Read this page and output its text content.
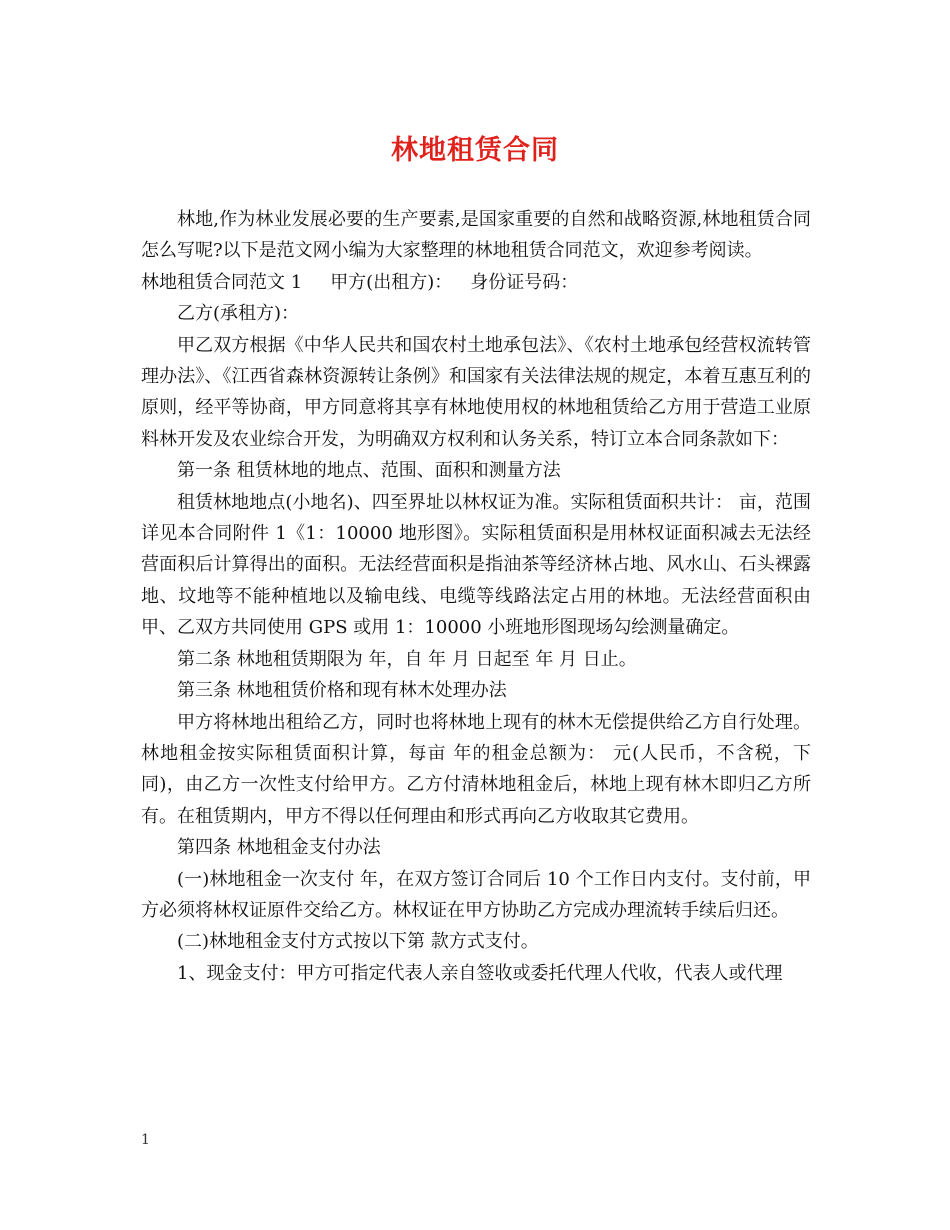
林地租赁合同

林地,作为林业发展必要的生产要素,是国家重要的自然和战略资源,林地租赁合同怎么写呢?以下是范文网小编为大家整理的林地租赁合同范文，欢迎参考阅读。

林地租赁合同范文 1 甲方(出租方)： 身份证号码：

乙方(承租方)：

甲乙双方根据《中华人民共和国农村土地承包法》、《农村土地承包经营权流转管理办法》、《江西省森林资源转让条例》和国家有关法律法规的规定，本着互惠互利的原则，经平等协商，甲方同意将其享有林地使用权的林地租赁给乙方用于营造工业原料林开发及农业综合开发，为明确双方权利和认务关系，特订立本合同条款如下：

第一条 租赁林地的地点、范围、面积和测量方法

租赁林地地点(小地名)、四至界址以林权证为准。实际租赁面积共计： 亩，范围详见本合同附件 1《1：10000 地形图》。实际租赁面积是用林权证面积减去无法经营面积后计算得出的面积。无法经营面积是指油茶等经济林占地、风水山、石头裸露地、坟地等不能种植地以及输电线、电缆等线路法定占用的林地。无法经营面积由甲、乙双方共同使用 GPS 或用 1：10000 小班地形图现场勾绘测量确定。

第二条 林地租赁期限为 年，自 年 月 日起至 年 月 日止。

第三条 林地租赁价格和现有林木处理办法

甲方将林地出租给乙方，同时也将林地上现有的林木无偿提供给乙方自行处理。林地租金按实际租赁面积计算，每亩 年的租金总额为： 元(人民币，不含税，下同)，由乙方一次性支付给甲方。乙方付清林地租金后，林地上现有林木即归乙方所有。在租赁期内，甲方不得以任何理由和形式再向乙方收取其它费用。

第四条 林地租金支付办法

(一)林地租金一次支付 年，在双方签订合同后 10 个工作日内支付。支付前，甲方必须将林权证原件交给乙方。林权证在甲方协助乙方完成办理流转手续后归还。

(二)林地租金支付方式按以下第 款方式支付。

1、现金支付：甲方可指定代表人亲自签收或委托代理人代收，代表人或代理

1
